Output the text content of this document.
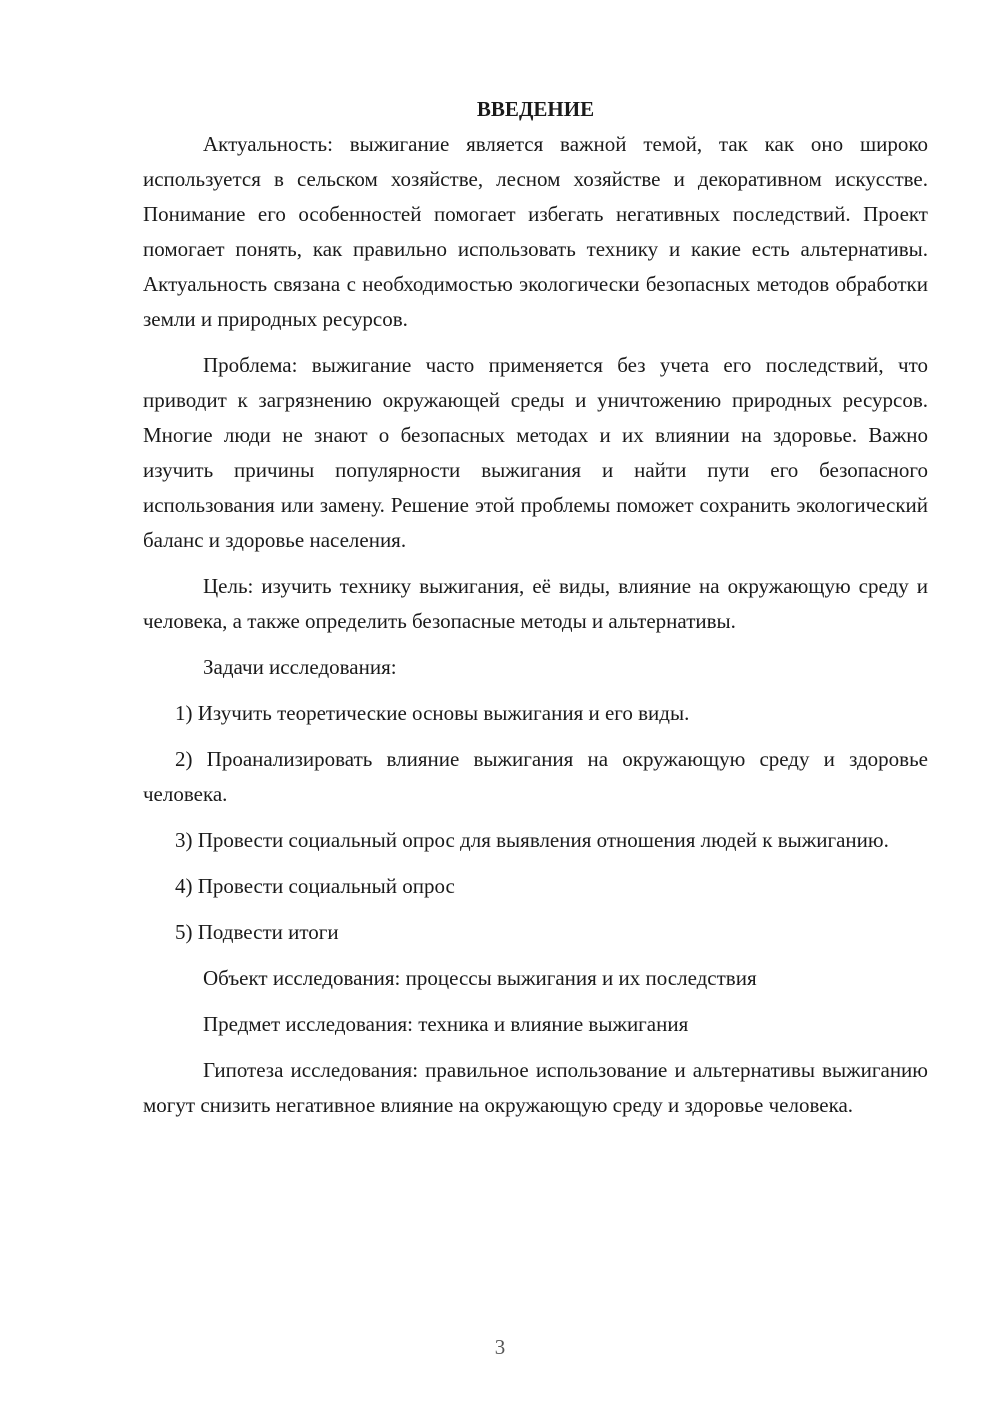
ВВЕДЕНИЕ

Актуальность: выжигание является важной темой, так как оно широко используется в сельском хозяйстве, лесном хозяйстве и декоративном искусстве. Понимание его особенностей помогает избегать негативных последствий. Проект помогает понять, как правильно использовать технику и какие есть альтернативы. Актуальность связана с необходимостью экологически безопасных методов обработки земли и природных ресурсов.

Проблема: выжигание часто применяется без учета его последствий, что приводит к загрязнению окружающей среды и уничтожению природных ресурсов. Многие люди не знают о безопасных методах и их влиянии на здоровье. Важно изучить причины популярности выжигания и найти пути его безопасного использования или замену. Решение этой проблемы поможет сохранить экологический баланс и здоровье населения.

Цель: изучить технику выжигания, её виды, влияние на окружающую среду и человека, а также определить безопасные методы и альтернативы.

Задачи исследования:

1) Изучить теоретические основы выжигания и его виды.

2) Проанализировать влияние выжигания на окружающую среду и здоровье человека.

3) Провести социальный опрос для выявления отношения людей к выжиганию.

4) Провести социальный опрос

5) Подвести итоги

Объект исследования: процессы выжигания и их последствия

Предмет исследования: техника и влияние выжигания

Гипотеза исследования: правильное использование и альтернативы выжиганию могут снизить негативное влияние на окружающую среду и здоровье человека.

3
